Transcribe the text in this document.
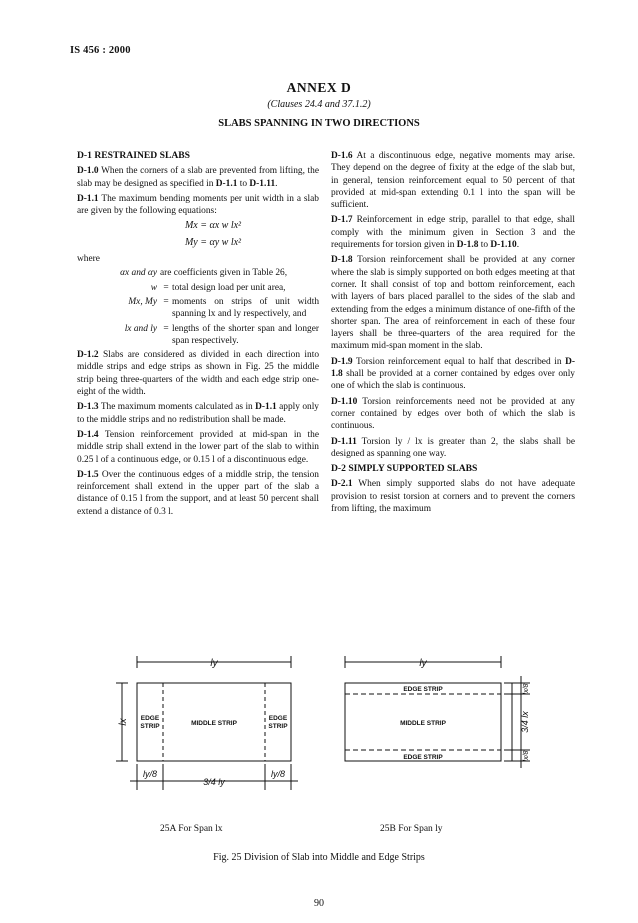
IS 456 : 2000
ANNEX D
(Clauses 24.4 and 37.1.2)
SLABS SPANNING IN TWO DIRECTIONS
D-1 RESTRAINED SLABS

D-1.0 When the corners of a slab are prevented from lifting, the slab may be designed as specified in D-1.1 to D-1.11.

D-1.1 The maximum bending moments per unit width in a slab are given by the following equations:

Mx = αx w lx²
My = αy w lx²
where
αx and αy are coefficients given in Table 26,
w = total design load per unit area,
Mx, My = moments on strips of unit width spanning lx and ly respectively, and
lx and ly = lengths of the shorter span and longer span respectively.

D-1.2 Slabs are considered as divided in each direction into middle strips and edge strips as shown in Fig. 25 the middle strip being three-quarters of the width and each edge strip one-eight of the width.

D-1.3 The maximum moments calculated as in D-1.1 apply only to the middle strips and no redistribution shall be made.

D-1.4 Tension reinforcement provided at mid-span in the middle strip shall extend in the lower part of the slab to within 0.25 l of a continuous edge, or 0.15 l of a discontinuous edge.

D-1.5 Over the continuous edges of a middle strip, the tension reinforcement shall extend in the upper part of the slab a distance of 0.15 l from the support, and at least 50 percent shall extend a distance of 0.3 l.

D-1.6 At a discontinuous edge, negative moments may arise. They depend on the degree of fixity at the edge of the slab but, in general, tension reinforcement equal to 50 percent of that provided at mid-span extending 0.1 l into the span will be sufficient.

D-1.7 Reinforcement in edge strip, parallel to that edge, shall comply with the minimum given in Section 3 and the requirements for torsion given in D-1.8 to D-1.10.

D-1.8 Torsion reinforcement shall be provided at any corner where the slab is simply supported on both edges meeting at that corner. It shall consist of top and bottom reinforcement, each with layers of bars placed parallel to the sides of the slab and extending from the edges a minimum distance of one-fifth of the shorter span. The area of reinforcement in each of these four layers shall be three-quarters of the area required for the maximum mid-span moment in the slab.

D-1.9 Torsion reinforcement equal to half that described in D-1.8 shall be provided at a corner contained by edges over only one of which the slab is continuous.

D-1.10 Torsion reinforcements need not be provided at any corner contained by edges over both of which the slab is continuous.

D-1.11 Torsion ly / lx is greater than 2, the slabs shall be designed as spanning one way.

D-2 SIMPLY SUPPORTED SLABS

D-2.1 When simply supported slabs do not have adequate provision to resist torsion at corners and to prevent the corners from lifting, the maximum

ly
lx EDGE
STRIP	MIDDLE STRIP
EDGE
STRIP
ly/8
3/4 ly
ly/8
ly
EDGE STRIP
MIDDLE STRIP
EDGE STRIP
lx/8
3/4 lx
lx/8
25A For Span lx	25B For Span ly
Fig. 25 Division of Slab into Middle and Edge Strips
90
